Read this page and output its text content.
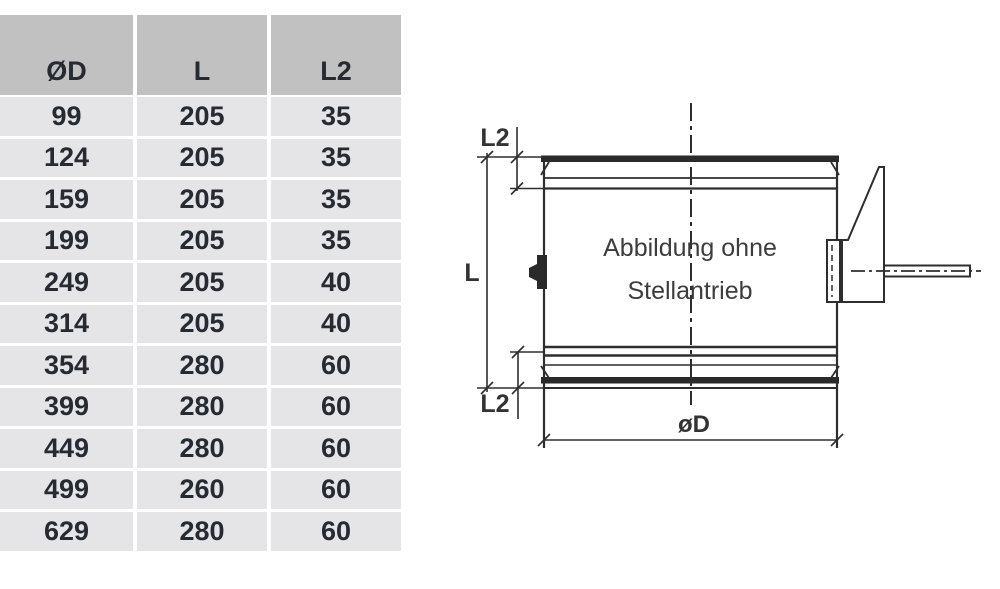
ØD	L	L2
99	205	35
124	205	35
159	205	35
199	205	35
249	205	40
314	205	40
354	280	60
399	280	60
449	280	60
499	260	60
629	280	60
L2
L
L2
øD
Abbildung ohne
Stellantrieb
